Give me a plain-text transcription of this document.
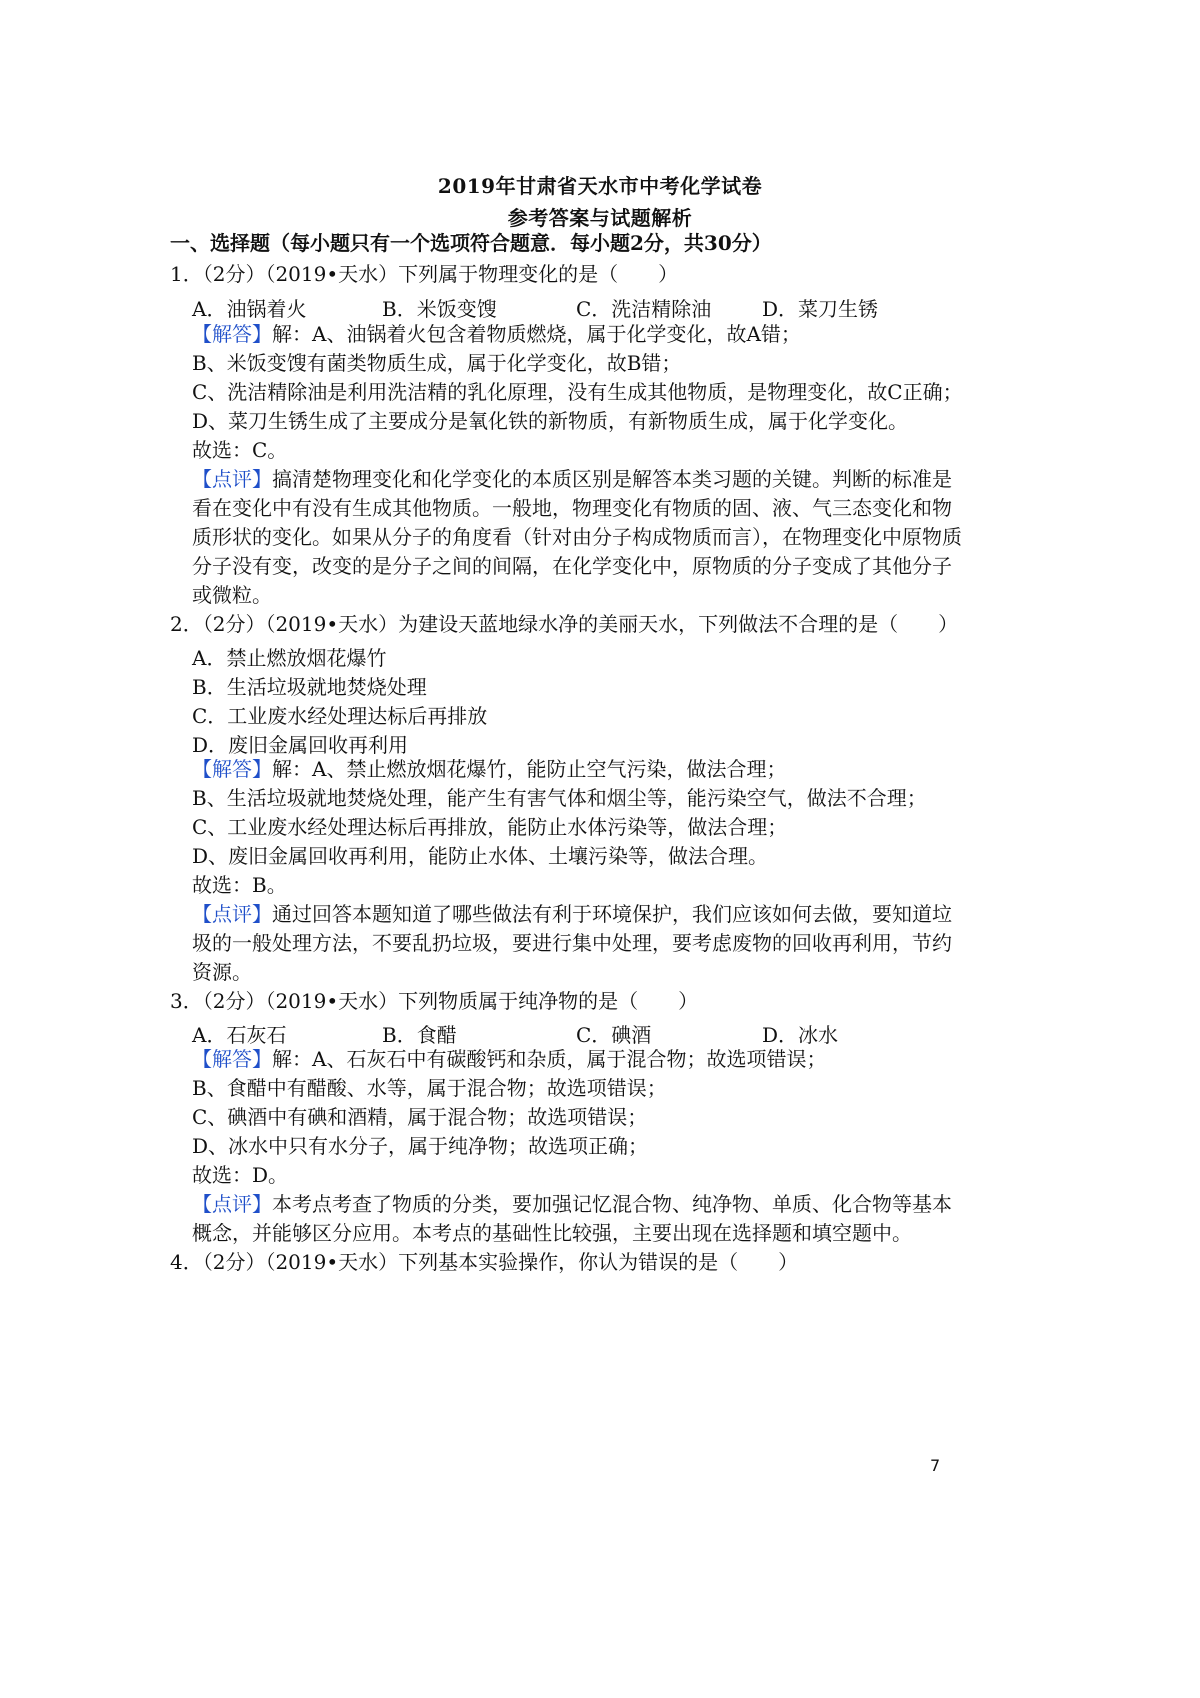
2019年甘肃省天水市中考化学试卷
参考答案与试题解析
一、选择题（每小题只有一个选项符合题意．每小题2分，共30分）
1．（2分）（2019•天水）下列属于物理变化的是（　　）
A．油锅着火	B．米饭变馊	C．洗洁精除油	D．菜刀生锈
【解答】解：A、油锅着火包含着物质燃烧，属于化学变化，故A错；
B、米饭变馊有菌类物质生成，属于化学变化，故B错；
C、洗洁精除油是利用洗洁精的乳化原理，没有生成其他物质，是物理变化，故C正确；
D、菜刀生锈生成了主要成分是氧化铁的新物质，有新物质生成，属于化学变化。
故选：C。
【点评】搞清楚物理变化和化学变化的本质区别是解答本类习题的关键。判断的标准是
看在变化中有没有生成其他物质。一般地，物理变化有物质的固、液、气三态变化和物
质形状的变化。如果从分子的角度看（针对由分子构成物质而言），在物理变化中原物质
分子没有变，改变的是分子之间的间隔，在化学变化中，原物质的分子变成了其他分子
或微粒。
2．（2分）（2019•天水）为建设天蓝地绿水净的美丽天水，下列做法不合理的是（　　）
A．禁止燃放烟花爆竹
B．生活垃圾就地焚烧处理
C．工业废水经处理达标后再排放
D．废旧金属回收再利用
【解答】解：A、禁止燃放烟花爆竹，能防止空气污染，做法合理；
B、生活垃圾就地焚烧处理，能产生有害气体和烟尘等，能污染空气，做法不合理；
C、工业废水经处理达标后再排放，能防止水体污染等，做法合理；
D、废旧金属回收再利用，能防止水体、土壤污染等，做法合理。
故选：B。
【点评】通过回答本题知道了哪些做法有利于环境保护，我们应该如何去做，要知道垃
圾的一般处理方法，不要乱扔垃圾，要进行集中处理，要考虑废物的回收再利用，节约
资源。
3．（2分）（2019•天水）下列物质属于纯净物的是（　　）
A．石灰石	B．食醋	C．碘酒	D．冰水
【解答】解：A、石灰石中有碳酸钙和杂质，属于混合物；故选项错误；
B、食醋中有醋酸、水等，属于混合物；故选项错误；
C、碘酒中有碘和酒精，属于混合物；故选项错误；
D、冰水中只有水分子，属于纯净物；故选项正确；
故选：D。
【点评】本考点考查了物质的分类，要加强记忆混合物、纯净物、单质、化合物等基本
概念，并能够区分应用。本考点的基础性比较强，主要出现在选择题和填空题中。
4．（2分）（2019•天水）下列基本实验操作，你认为错误的是（　　）
7
